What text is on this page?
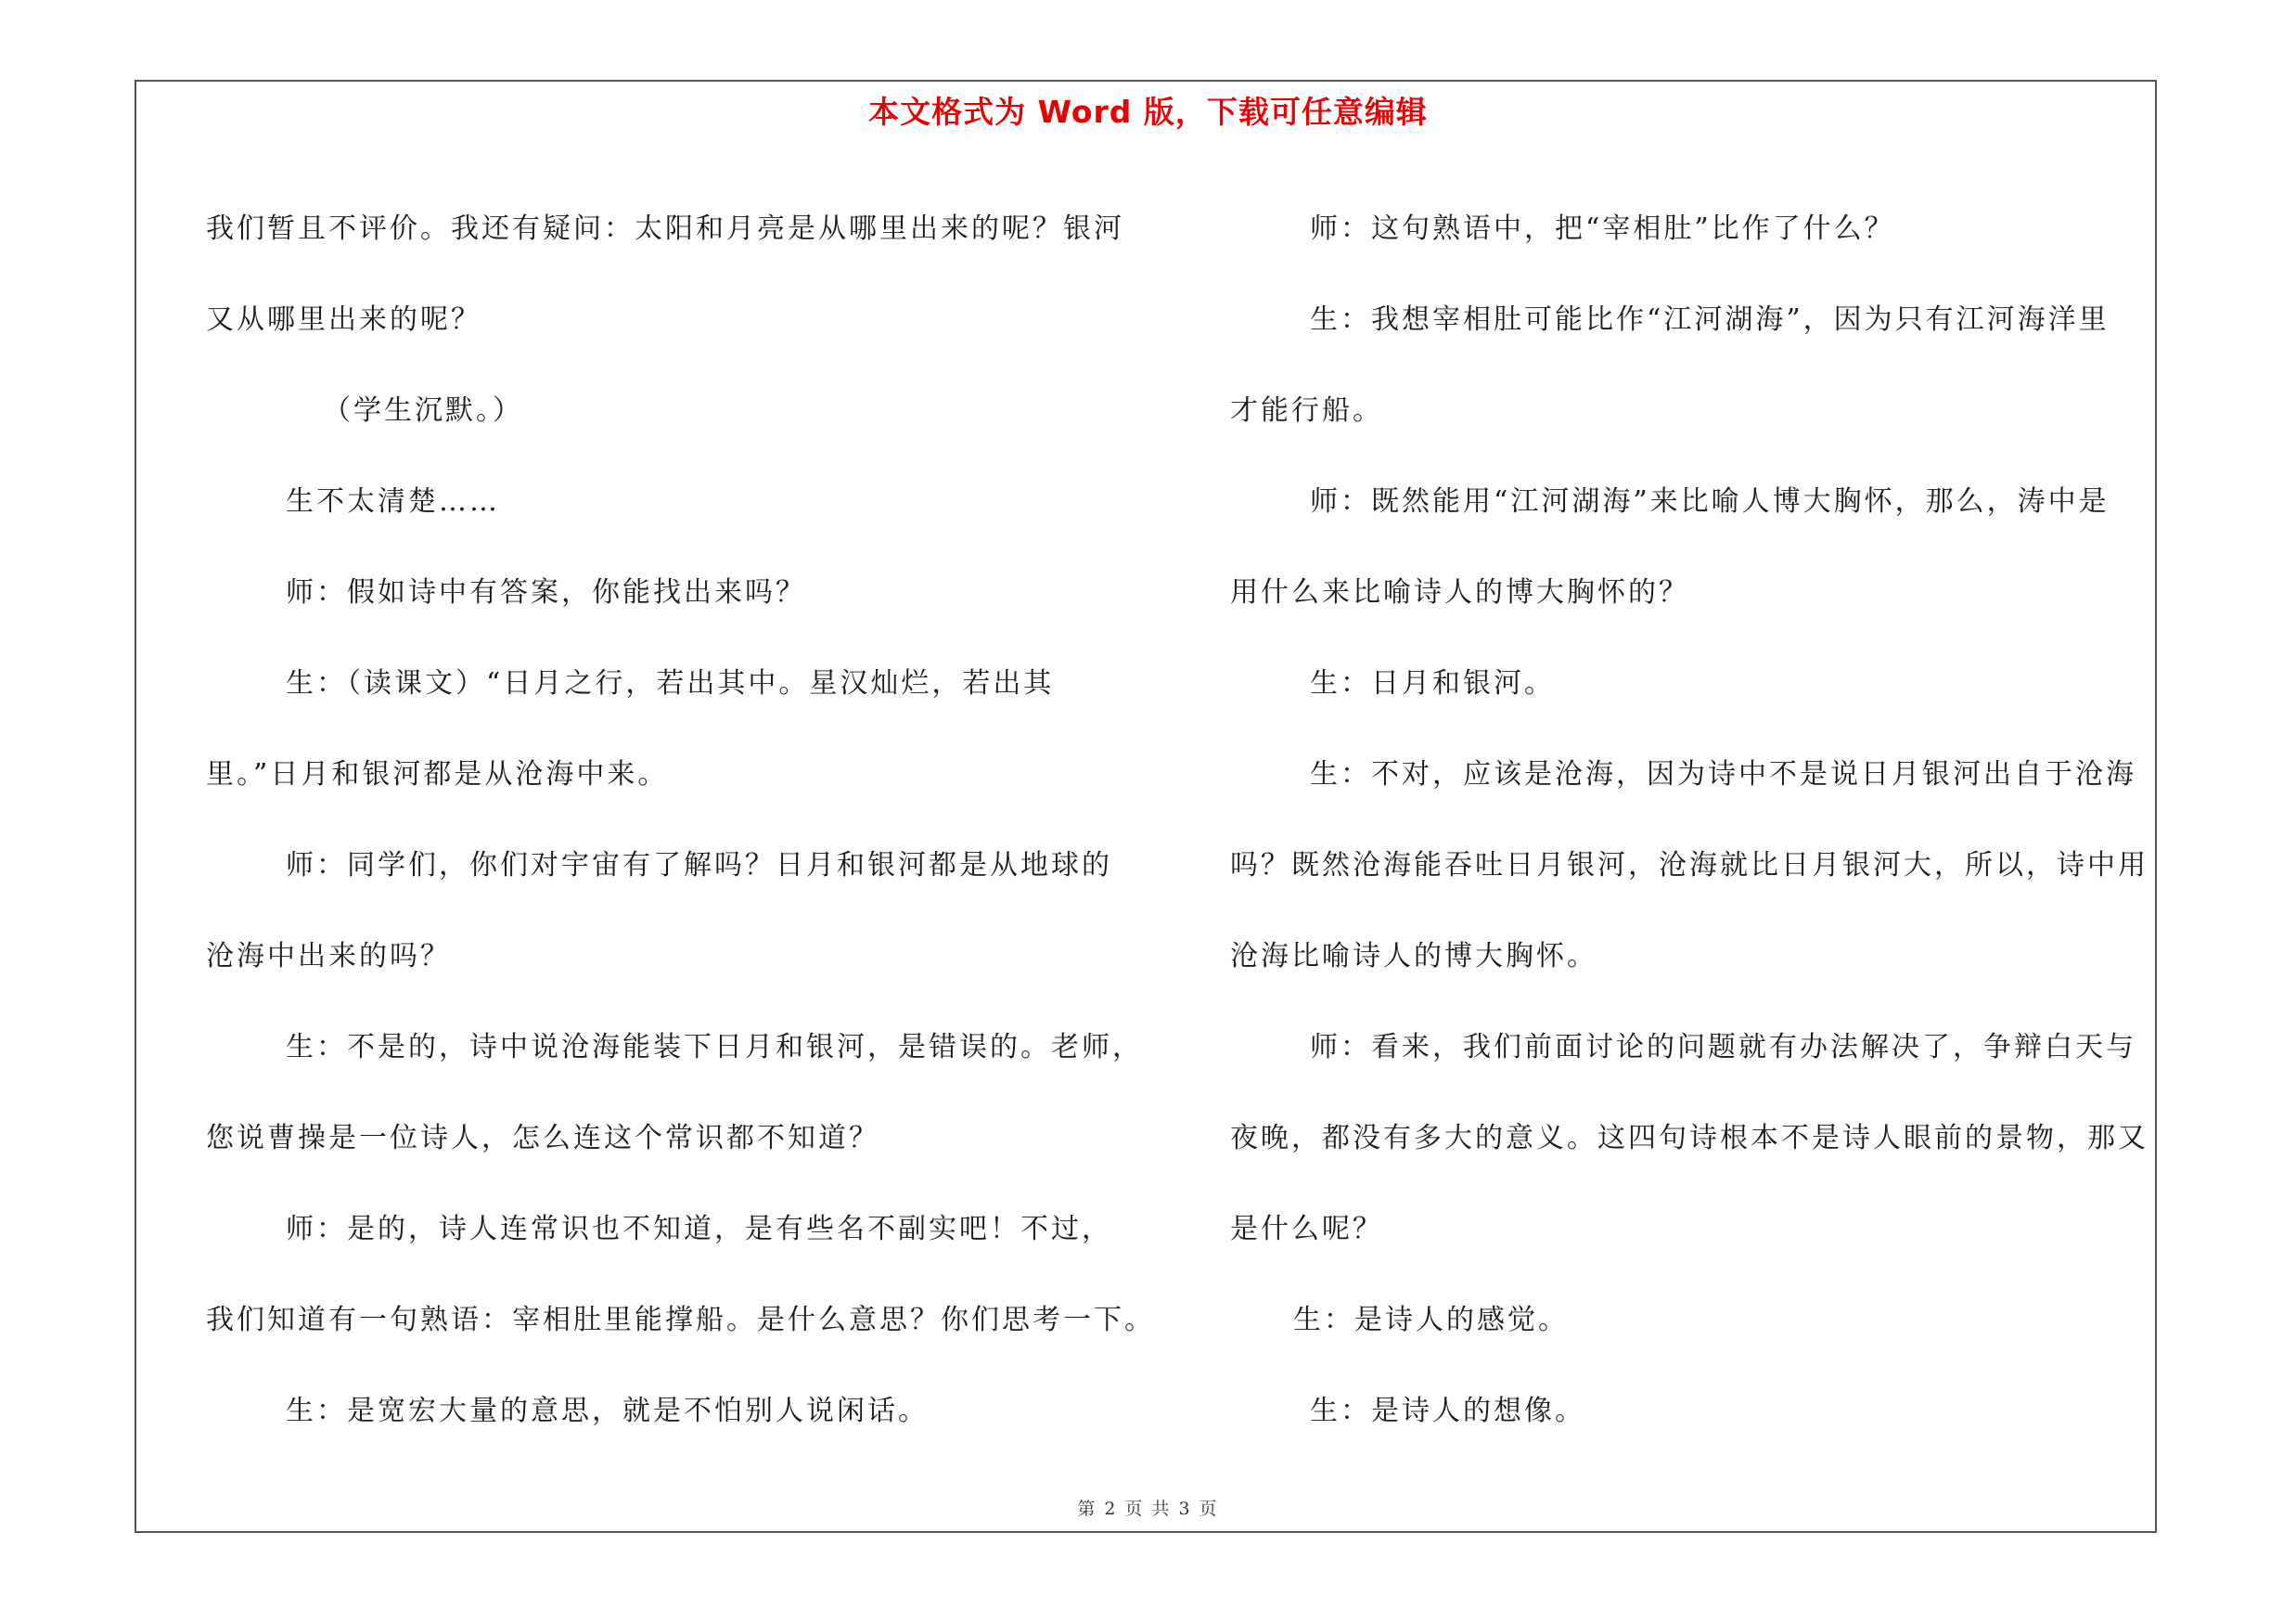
本文格式为 Word 版，下载可任意编辑

我们暂且不评价。我还有疑问：太阳和月亮是从哪里出来的呢？银河

又从哪里出来的呢？

（学生沉默。）

生不太清楚……

师：假如诗中有答案，你能找出来吗？

生：（读课文）“日月之行，若出其中。星汉灿烂，若出其

里。”日月和银河都是从沧海中来。

师：同学们，你们对宇宙有了解吗？日月和银河都是从地球的

沧海中出来的吗？

生：不是的，诗中说沧海能装下日月和银河，是错误的。老师，

您说曹操是一位诗人，怎么连这个常识都不知道？

师：是的，诗人连常识也不知道，是有些名不副实吧！不过，

我们知道有一句熟语：宰相肚里能撑船。是什么意思？你们思考一下。

生：是宽宏大量的意思，就是不怕别人说闲话。

师：这句熟语中，把“宰相肚”比作了什么？

生：我想宰相肚可能比作“江河湖海”，因为只有江河海洋里

才能行船。

师：既然能用“江河湖海”来比喻人博大胸怀，那么，涛中是

用什么来比喻诗人的博大胸怀的？

生：日月和银河。

生：不对，应该是沧海，因为诗中不是说日月银河出自于沧海

吗？既然沧海能吞吐日月银河，沧海就比日月银河大，所以，诗中用

沧海比喻诗人的博大胸怀。

师：看来，我们前面讨论的问题就有办法解决了，争辩白天与

夜晚，都没有多大的意义。这四句诗根本不是诗人眼前的景物，那又

是什么呢？

生：是诗人的感觉。

生：是诗人的想像。

第 2 页 共 3 页
